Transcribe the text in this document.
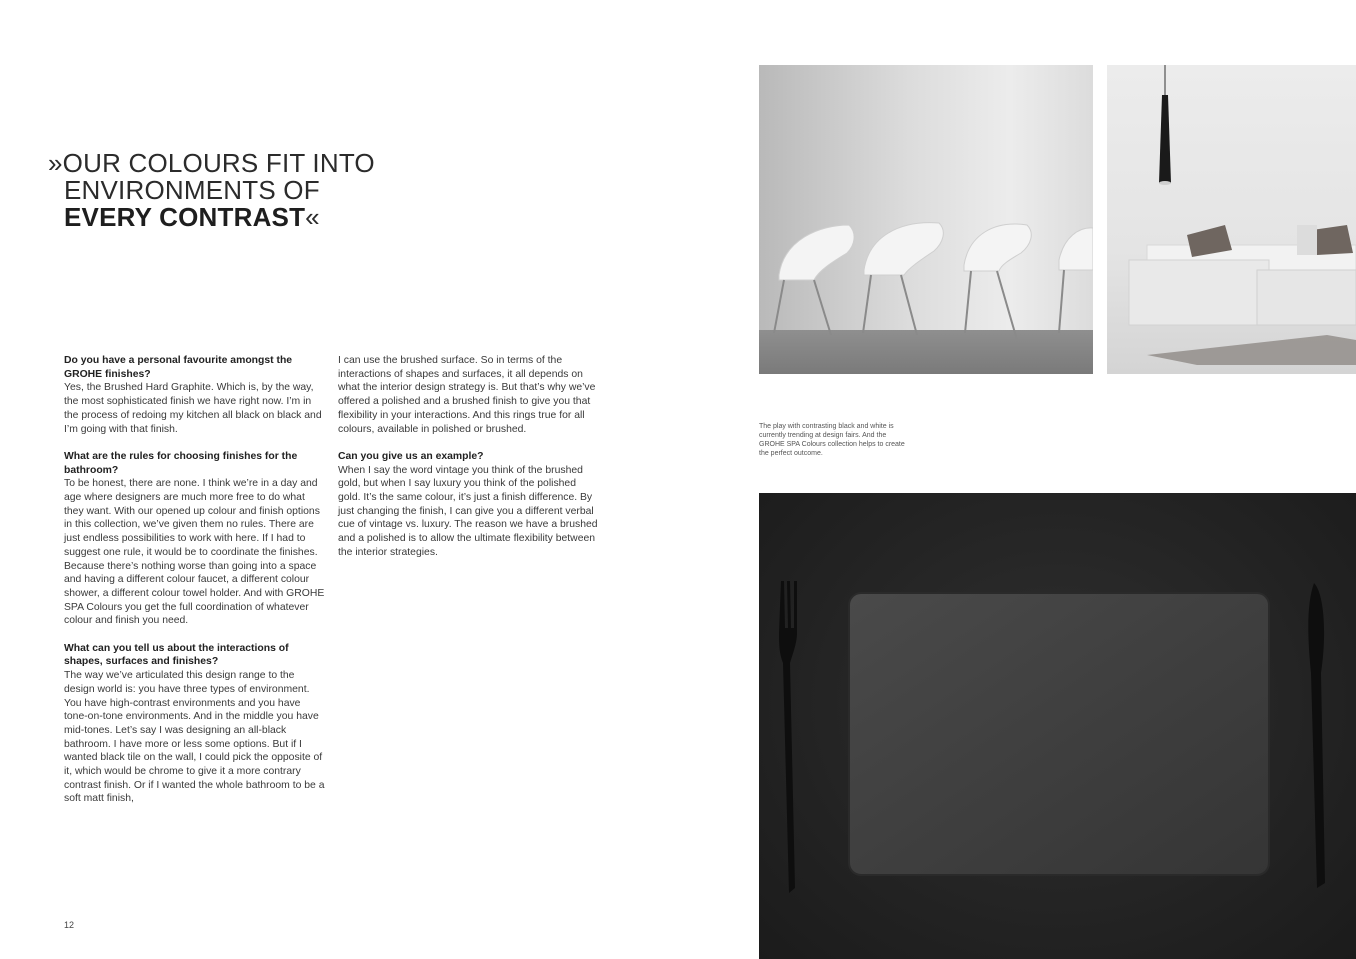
»OUR COLOURS FIT INTO
ENVIRONMENTS OF
EVERY CONTRAST«
Do you have a personal favourite amongst the GROHE finishes?
Yes, the Brushed Hard Graphite. Which is, by the way, the most sophisticated finish we have right now. I’m in the process of redoing my kitchen all black on black and I’m going with that finish.
What are the rules for choosing finishes for the bathroom?
To be honest, there are none. I think we’re in a day and age where designers are much more free to do what they want. With our opened up colour and finish options in this collection, we’ve given them no rules. There are just endless possibilities to work with here. If I had to suggest one rule, it would be to coordinate the finishes. Because there’s nothing worse than going into a space and having a different colour faucet, a different colour shower, a different colour towel holder. And with GROHE SPA Colours you get the full coordination of whatever colour and finish you need.
What can you tell us about the interactions of shapes, surfaces and finishes?
The way we’ve articulated this design range to the design world is: you have three types of environment. You have high-contrast environments and you have tone-on-tone environments. And in the middle you have mid-tones. Let’s say I was designing an all-black bathroom. I have more or less some options. But if I wanted black tile on the wall, I could pick the opposite of it, which would be chrome to give it a more contrary contrast finish. Or if I wanted the whole bathroom to be a soft matt finish,
I can use the brushed surface. So in terms of the interactions of shapes and surfaces, it all depends on what the interior design strategy is. But that’s why we’ve offered a polished and a brushed finish to give you that flexibility in your interactions. And this rings true for all colours, available in polished or brushed.
Can you give us an example?
When I say the word vintage you think of the brushed gold, but when I say luxury you think of the polished gold. It’s the same colour, it’s just a finish difference. By just changing the finish, I can give you a different verbal cue of vintage vs. luxury. The reason we have a brushed and a polished is to allow the ultimate flexibility between the interior strategies.
12
The play with contrasting black and white is currently trending at design fairs. And the GROHE SPA Colours collection helps to create the perfect outcome.
